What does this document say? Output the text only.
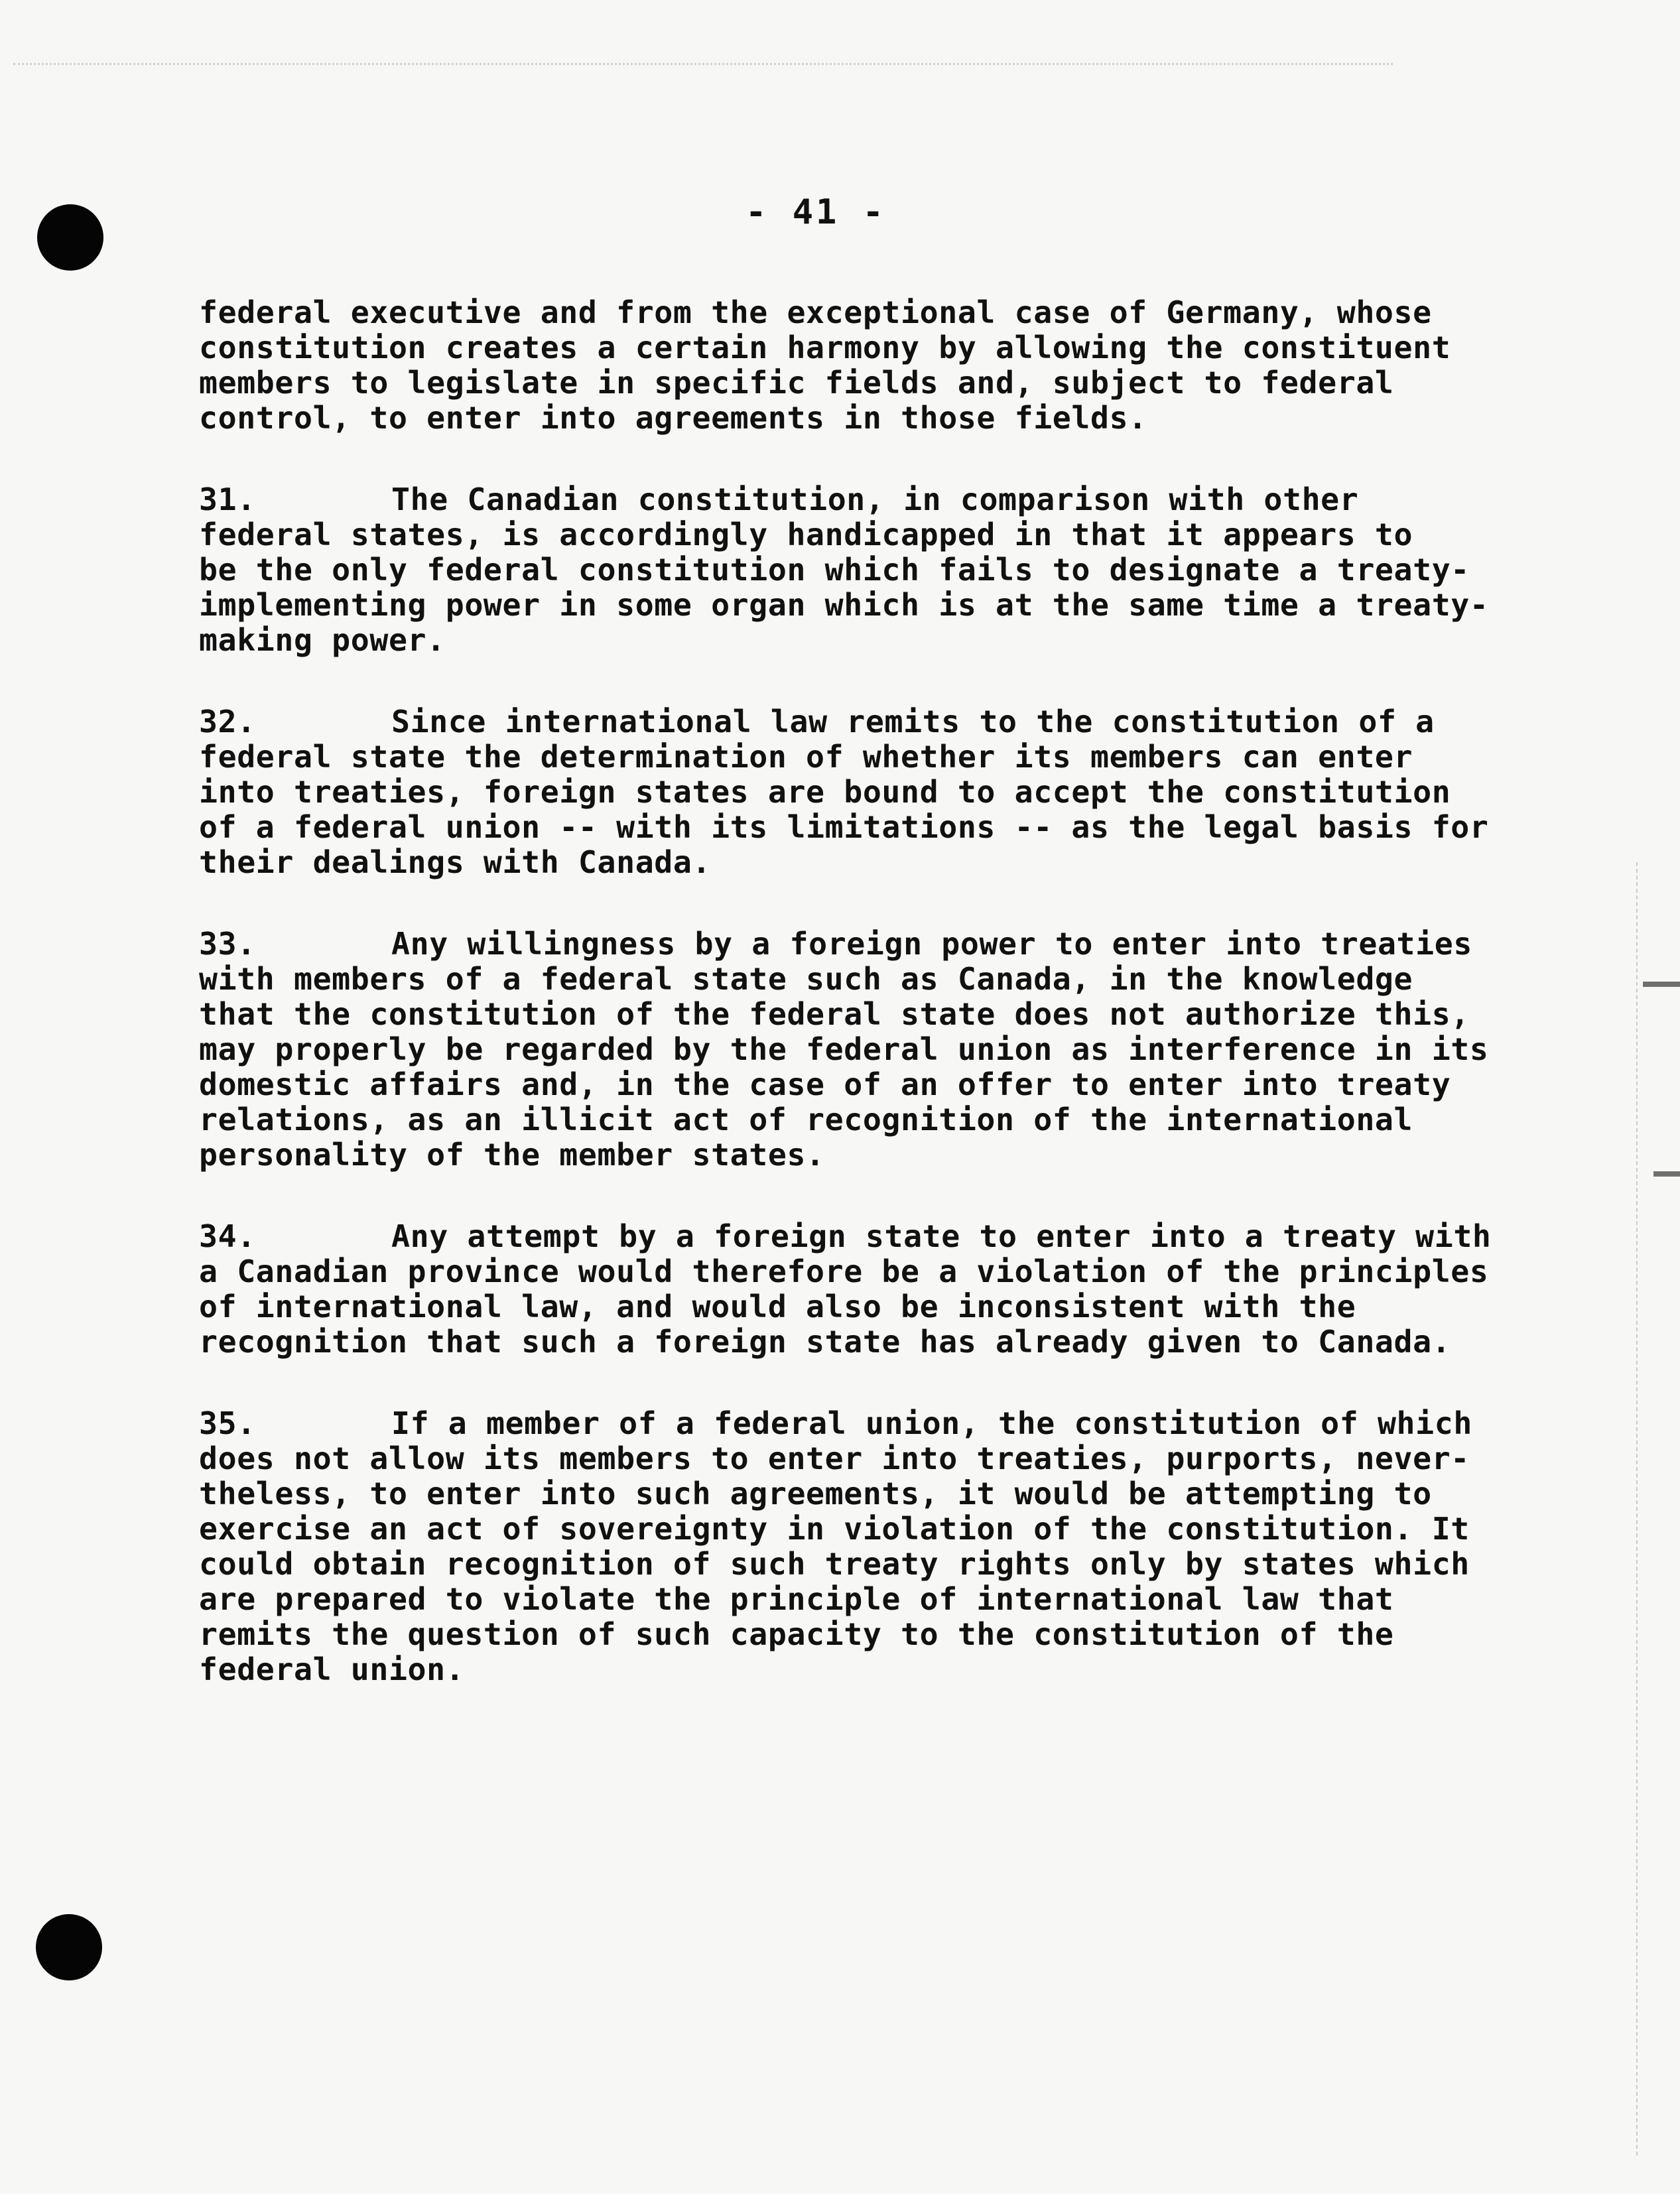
- 41 -

federal executive and from the exceptional case of Germany, whose
constitution creates a certain harmony by allowing the constituent
members to legislate in specific fields and, subject to federal
control, to enter into agreements in those fields.

31.	The Canadian constitution, in comparison with other
federal states, is accordingly handicapped in that it appears to
be the only federal constitution which fails to designate a treaty-
implementing power in some organ which is at the same time a treaty-
making power.

32.	Since international law remits to the constitution of a
federal state the determination of whether its members can enter
into treaties, foreign states are bound to accept the constitution
of a federal union -- with its limitations -- as the legal basis for
their dealings with Canada.

33.	Any willingness by a foreign power to enter into treaties
with members of a federal state such as Canada, in the knowledge
that the constitution of the federal state does not authorize this,
may properly be regarded by the federal union as interference in its
domestic affairs and, in the case of an offer to enter into treaty
relations, as an illicit act of recognition of the international
personality of the member states.

34.	Any attempt by a foreign state to enter into a treaty with
a Canadian province would therefore be a violation of the principles
of international law, and would also be inconsistent with the
recognition that such a foreign state has already given to Canada.

35.	If a member of a federal union, the constitution of which
does not allow its members to enter into treaties, purports, never-
theless, to enter into such agreements, it would be attempting to
exercise an act of sovereignty in violation of the constitution. It
could obtain recognition of such treaty rights only by states which
are prepared to violate the principle of international law that
remits the question of such capacity to the constitution of the
federal union.
